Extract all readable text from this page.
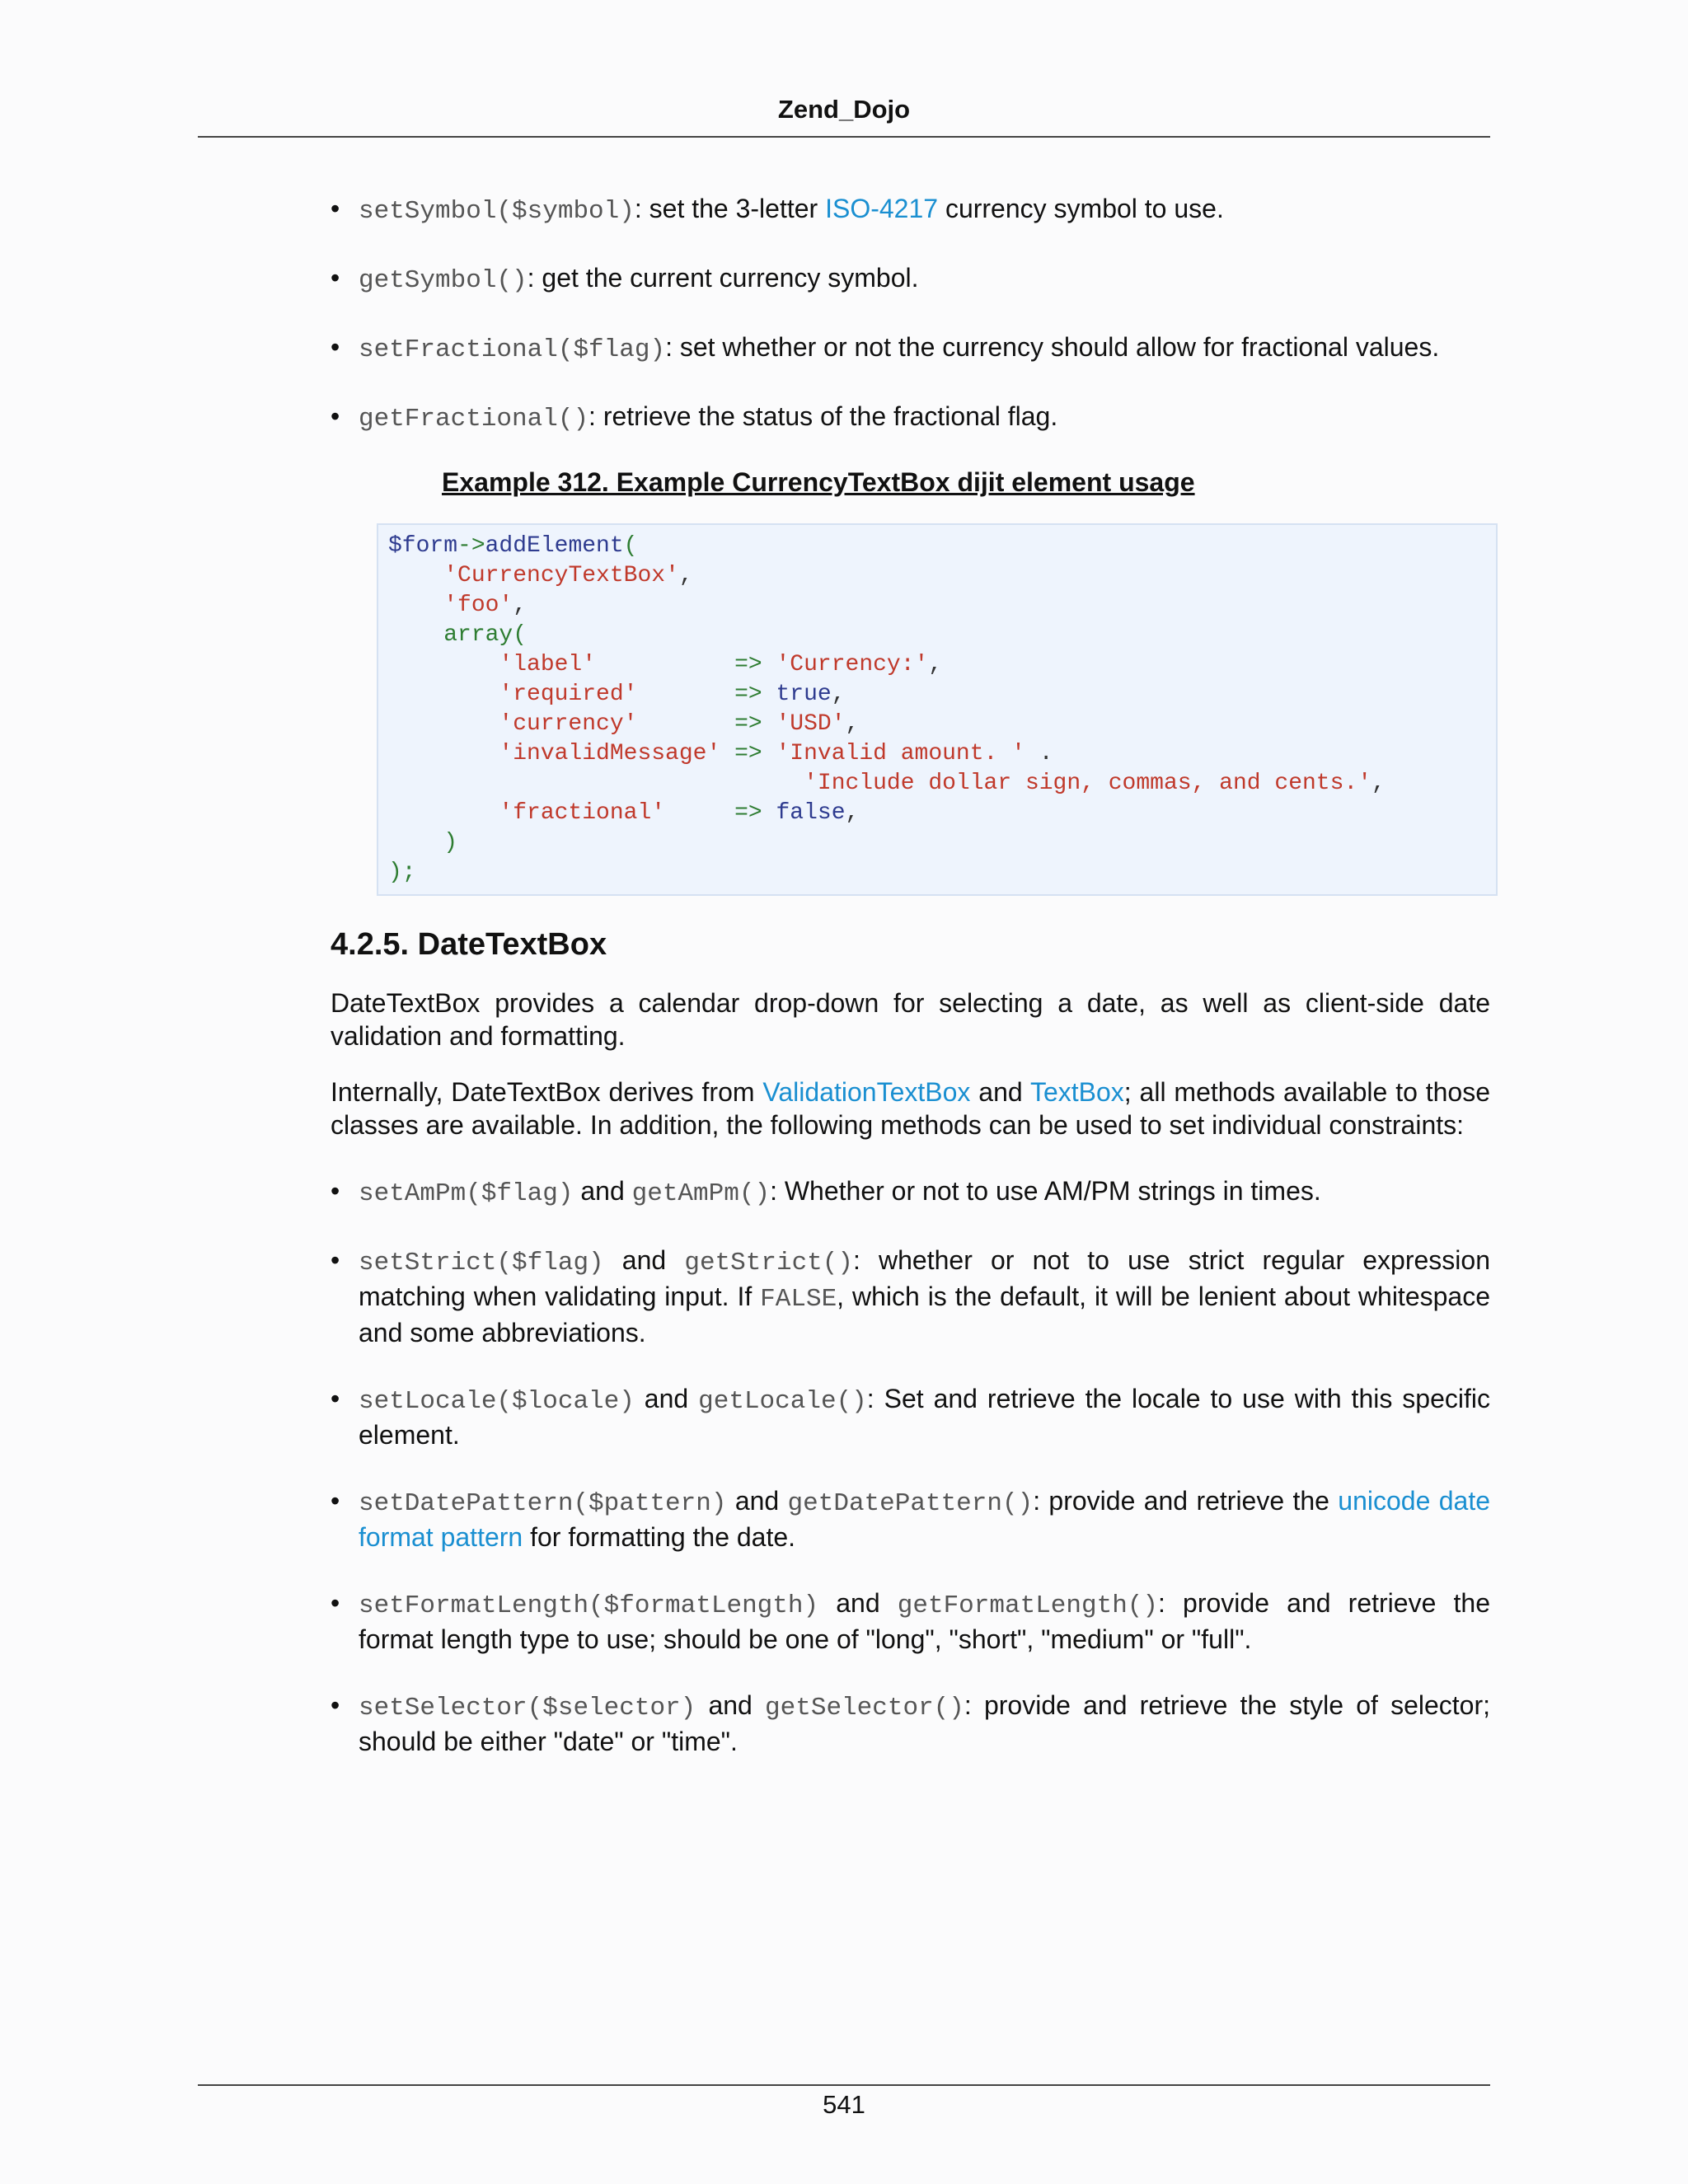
Zend_Dojo
• setSymbol($symbol): set the 3-letter ISO-4217 currency symbol to use.
• getSymbol(): get the current currency symbol.
• setFractional($flag): set whether or not the currency should allow for fractional values.
• getFractional(): retrieve the status of the fractional flag.
Example 312. Example CurrencyTextBox dijit element usage
$form->addElement(
'CurrencyTextBox',
'foo',
array(
'label'	=> 'Currency:',
'required'	=> true,
'currency'	=> 'USD',
'invalidMessage' => 'Invalid amount. ' .
'Include dollar sign, commas, and cents.',
'fractional'	=> false,
)
);
4.2.5. DateTextBox

DateTextBox provides a calendar drop-down for selecting a date, as well as client-side date validation and formatting.

Internally, DateTextBox derives from ValidationTextBox and TextBox; all methods available to those classes are available. In addition, the following methods can be used to set individual constraints:

• setAmPm($flag) and getAmPm(): Whether or not to use AM/PM strings in times.
• setStrict($flag) and getStrict(): whether or not to use strict regular expression matching when validating input. If FALSE, which is the default, it will be lenient about whitespace and some abbreviations.
• setLocale($locale) and getLocale(): Set and retrieve the locale to use with this specific element.
• setDatePattern($pattern) and getDatePattern(): provide and retrieve the unicode date format pattern for formatting the date.
• setFormatLength($formatLength) and getFormatLength(): provide and retrieve the format length type to use; should be one of "long", "short", "medium" or "full".
• setSelector($selector) and getSelector(): provide and retrieve the style of selector; should be either "date" or "time".
541
